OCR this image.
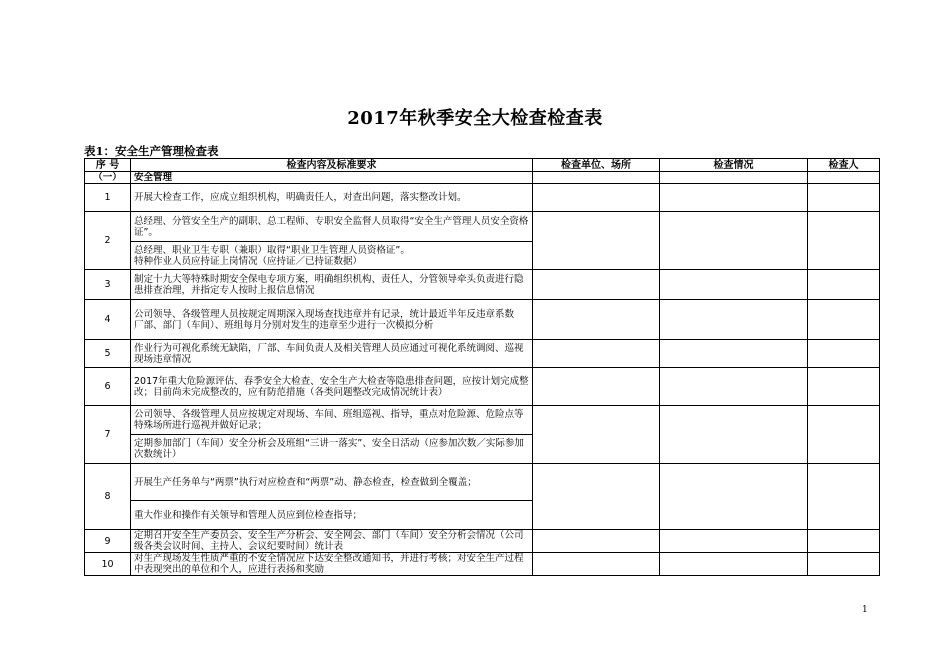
2017年秋季安全大检查检查表
表1：安全生产管理检查表
序 号	检查内容及标准要求	检查单位、场所	检查情况	检查人
（一）	安全管理			
1	开展大检查工作，应成立组织机构，明确责任人，对查出问题，落实整改计划。			
2	总经理、分管安全生产的副职、总工程师、专职安全监督人员取得“安全生产管理人员安全资格证”。			
	总经理、职业卫生专职（兼职）取得“职业卫生管理人员资格证”。
特种作业人员应持证上岗情况（应持证／已持证数据）			
3	制定十九大等特殊时期安全保电专项方案，明确组织机构、责任人，分管领导牵头负责进行隐患排查治理，并指定专人按时上报信息情况			
4	公司领导、各级管理人员按规定周期深入现场查找违章并有记录，统计最近半年反违章系数
厂部、部门（车间）、班组每月分别对发生的违章至少进行一次模拟分析			
5	作业行为可视化系统无缺陷，厂部、车间负责人及相关管理人员应通过可视化系统调阅、巡视现场违章情况			
6	2017年重大危险源评估、春季安全大检查、安全生产大检查等隐患排查问题，应按计划完成整改；目前尚未完成整改的，应有防范措施（各类问题整改完成情况统计表）			
7	公司领导、各级管理人员应按规定对现场、车间、班组巡视、指导，重点对危险源、危险点等特殊场所进行巡视并做好记录；			
	定期参加部门（车间）安全分析会及班组“三讲一落实”、安全日活动（应参加次数／实际参加次数统计）			
8	开展生产任务单与“两票”执行对应检查和“两票”动、静态检查，检查做到全覆盖；			
	重大作业和操作有关领导和管理人员应到位检查指导；			
9	定期召开安全生产委员会、安全生产分析会、安全网会、部门（车间）安全分析会情况（公司级各类会议时间、主持人、会议纪要时间）统计表			
10	对生产现场发生性质严重的不安全情况应下达安全整改通知书，并进行考核；对安全生产过程中表现突出的单位和个人，应进行表扬和奖励			
1
